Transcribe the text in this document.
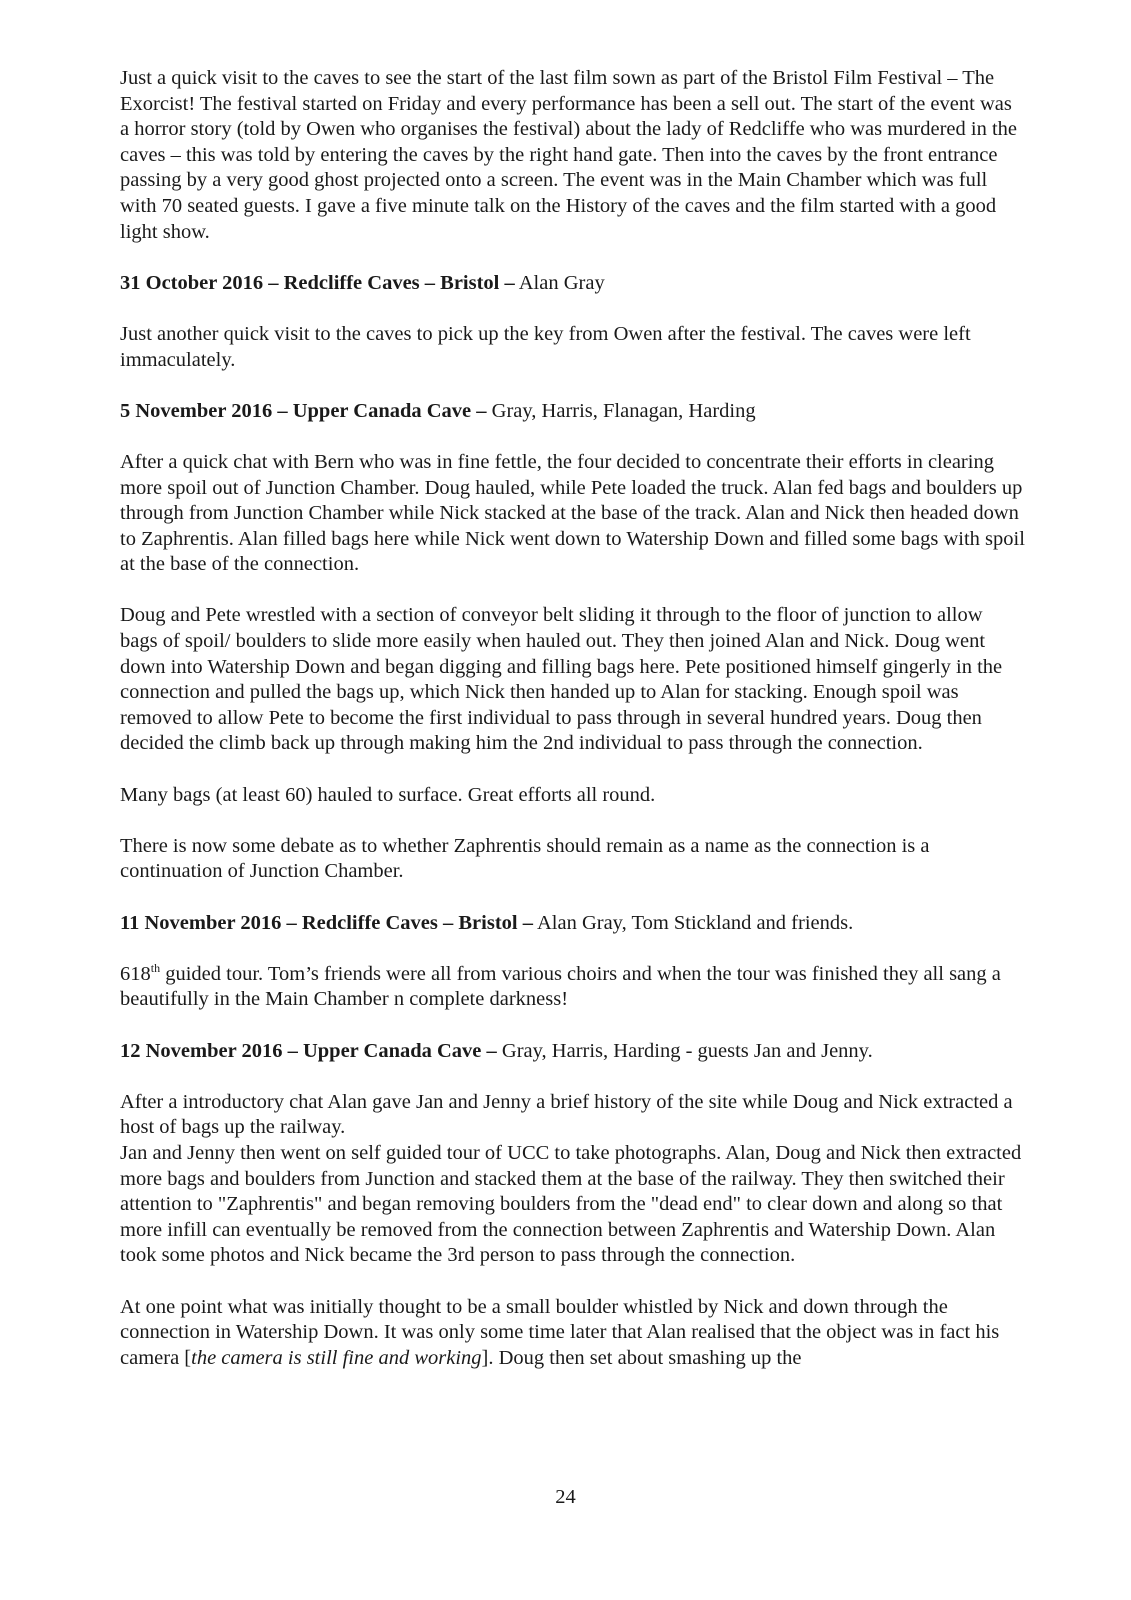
Just a quick visit to the caves to see the start of the last film sown as part of the Bristol Film Festival – The Exorcist! The festival started on Friday and every performance has been a sell out. The start of the event was a horror story (told by Owen who organises the festival) about the lady of Redcliffe who was murdered in the caves – this was told by entering the caves by the right hand gate. Then into the caves by the front entrance passing by a very good ghost projected onto a screen. The event was in the Main Chamber which was full with 70 seated guests. I gave a five minute talk on the History of the caves and the film started with a good light show.

31 October 2016 – Redcliffe Caves – Bristol – Alan Gray

Just another quick visit to the caves to pick up the key from Owen after the festival. The caves were left immaculately.

5 November 2016 – Upper Canada Cave – Gray, Harris, Flanagan, Harding

After a quick chat with Bern who was in fine fettle, the four decided to concentrate their efforts in clearing more spoil out of Junction Chamber. Doug hauled, while Pete loaded the truck. Alan fed bags and boulders up through from Junction Chamber while Nick stacked at the base of the track. Alan and Nick then headed down to Zaphrentis. Alan filled bags here while Nick went down to Watership Down and filled some bags with spoil at the base of the connection.

Doug and Pete wrestled with a section of conveyor belt sliding it through to the floor of junction to allow bags of spoil/ boulders to slide more easily when hauled out. They then joined Alan and Nick. Doug went down into Watership Down and began digging and filling bags here. Pete positioned himself gingerly in the connection and pulled the bags up, which Nick then handed up to Alan for stacking. Enough spoil was removed to allow Pete to become the first individual to pass through in several hundred years. Doug then decided the climb back up through making him the 2nd individual to pass through the connection.

Many bags (at least 60) hauled to surface. Great efforts all round.

There is now some debate as to whether Zaphrentis should remain as a name as the connection is a continuation of Junction Chamber.

11 November 2016 – Redcliffe Caves – Bristol – Alan Gray, Tom Stickland and friends.

618th guided tour. Tom’s friends were all from various choirs and when the tour was finished they all sang a beautifully in the Main Chamber n complete darkness!

12 November 2016 – Upper Canada Cave – Gray, Harris, Harding - guests Jan and Jenny.

After a introductory chat Alan gave Jan and Jenny a brief history of the site while Doug and Nick extracted a host of bags up the railway.

Jan and Jenny then went on self guided tour of UCC to take photographs. Alan, Doug and Nick then extracted more bags and boulders from Junction and stacked them at the base of the railway. They then switched their attention to "Zaphrentis" and began removing boulders from the "dead end" to clear down and along so that more infill can eventually be removed from the connection between Zaphrentis and Watership Down. Alan took some photos and Nick became the 3rd person to pass through the connection.

At one point what was initially thought to be a small boulder whistled by Nick and down through the connection in Watership Down. It was only some time later that Alan realised that the object was in fact his camera [the camera is still fine and working]. Doug then set about smashing up the

24
